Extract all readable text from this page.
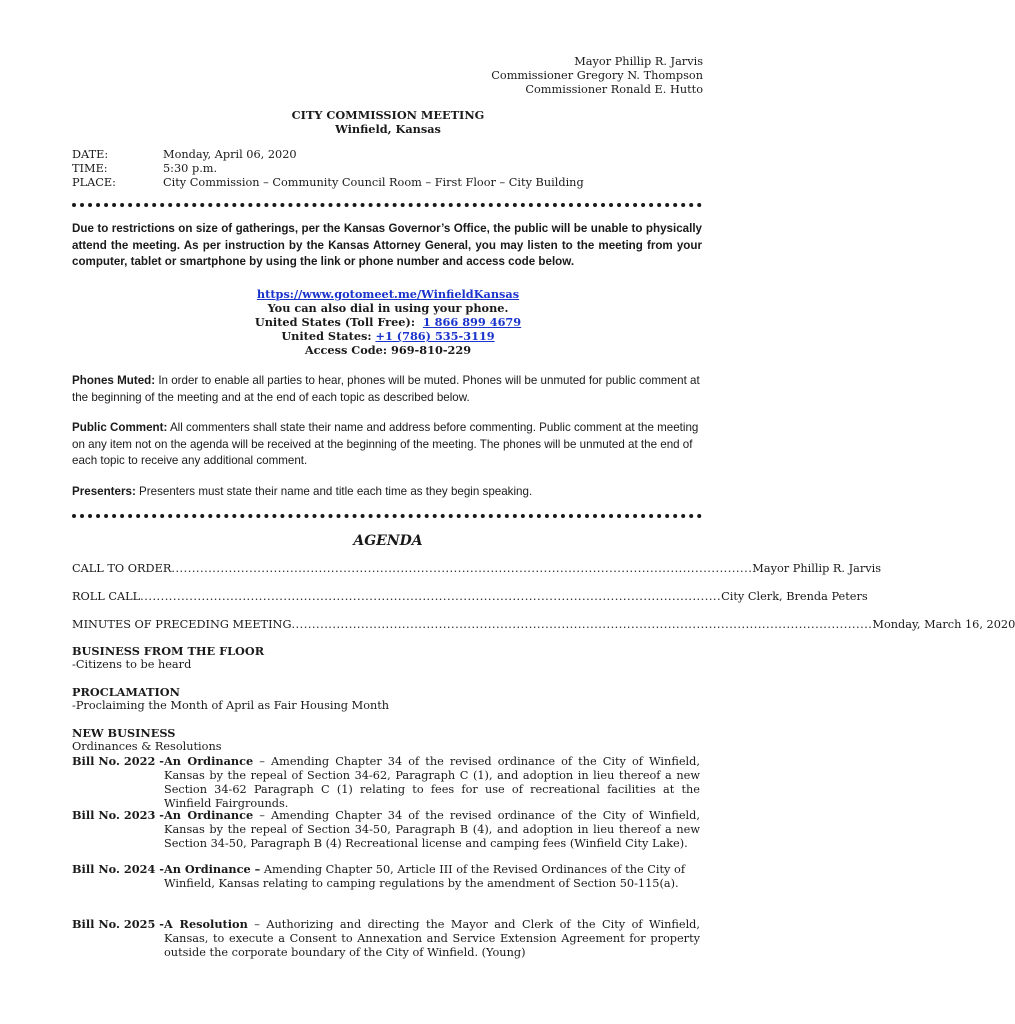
Mayor Phillip R. Jarvis
Commissioner Gregory N. Thompson
Commissioner Ronald E. Hutto
CITY COMMISSION MEETING
Winfield, Kansas
DATE:	Monday, April 06, 2020
TIME:	5:30 p.m.
PLACE:	City Commission – Community Council Room – First Floor – City Building
Due to restrictions on size of gatherings, per the Kansas Governor’s Office, the public will be unable to physically attend the meeting. As per instruction by the Kansas Attorney General, you may listen to the meeting from your computer, tablet or smartphone by using the link or phone number and access code below.
https://www.gotomeet.me/WinfieldKansas
You can also dial in using your phone.
United States (Toll Free): 1 866 899 4679
United States: +1 (786) 535-3119
Access Code: 969-810-229
Phones Muted: In order to enable all parties to hear, phones will be muted. Phones will be unmuted for public comment at the beginning of the meeting and at the end of each topic as described below.
Public Comment: All commenters shall state their name and address before commenting. Public comment at the meeting on any item not on the agenda will be received at the beginning of the meeting. The phones will be unmuted at the end of each topic to receive any additional comment.
Presenters: Presenters must state their name and title each time as they begin speaking.
AGENDA
CALL TO ORDER .............................................................................................................................................. Mayor Phillip R. Jarvis
ROLL CALL .............................................................................................................................................. City Clerk, Brenda Peters
MINUTES OF PRECEDING MEETING .............................................................................................................................................. Monday, March 16, 2020
BUSINESS FROM THE FLOOR
-Citizens to be heard
PROCLAMATION
-Proclaiming the Month of April as Fair Housing Month
NEW BUSINESS
Ordinances & Resolutions
Bill No. 2022 - An Ordinance – Amending Chapter 34 of the revised ordinance of the City of Winfield, Kansas by the repeal of Section 34-62, Paragraph C (1), and adoption in lieu thereof a new Section 34-62 Paragraph C (1) relating to fees for use of recreational facilities at the Winfield Fairgrounds.
Bill No. 2023 - An Ordinance – Amending Chapter 34 of the revised ordinance of the City of Winfield, Kansas by the repeal of Section 34-50, Paragraph B (4), and adoption in lieu thereof a new Section 34-50, Paragraph B (4) Recreational license and camping fees (Winfield City Lake).
Bill No. 2024 - An Ordinance – Amending Chapter 50, Article III of the Revised Ordinances of the City of Winfield, Kansas relating to camping regulations by the amendment of Section 50-115(a).
Bill No. 2025 - A Resolution – Authorizing and directing the Mayor and Clerk of the City of Winfield, Kansas, to execute a Consent to Annexation and Service Extension Agreement for property outside the corporate boundary of the City of Winfield. (Young)
